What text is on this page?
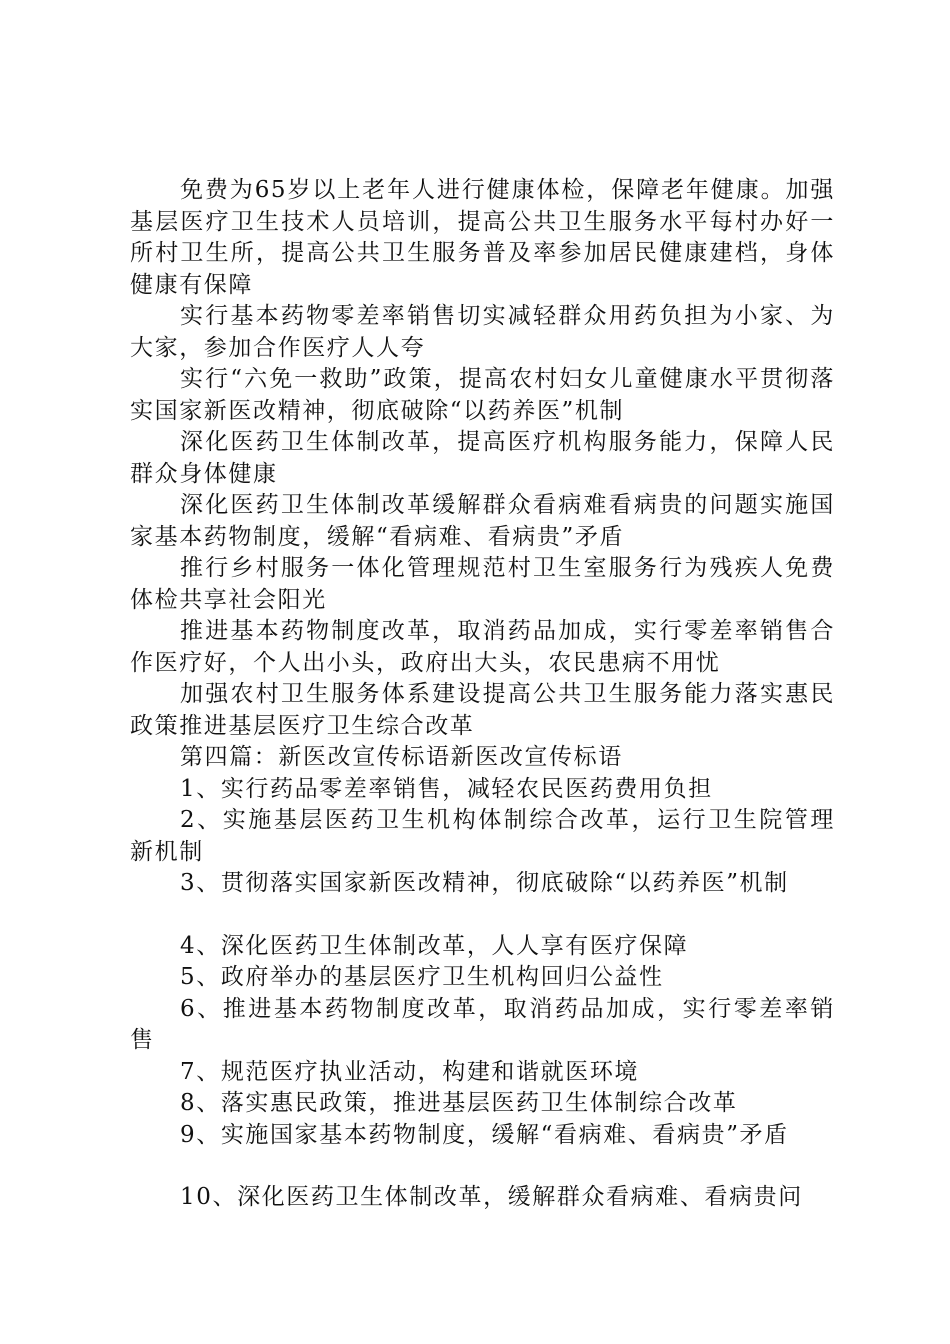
免费为65岁以上老年人进行健康体检，保障老年健康。加强基层医疗卫生技术人员培训，提高公共卫生服务水平每村办好一所村卫生所，提高公共卫生服务普及率参加居民健康建档，身体健康有保障

实行基本药物零差率销售切实减轻群众用药负担为小家、为大家，参加合作医疗人人夸

实行“六免一救助”政策，提高农村妇女儿童健康水平贯彻落实国家新医改精神，彻底破除“以药养医”机制

深化医药卫生体制改革，提高医疗机构服务能力，保障人民群众身体健康

深化医药卫生体制改革缓解群众看病难看病贵的问题实施国家基本药物制度，缓解“看病难、看病贵”矛盾

推行乡村服务一体化管理规范村卫生室服务行为残疾人免费体检共享社会阳光

推进基本药物制度改革，取消药品加成，实行零差率销售合作医疗好，个人出小头，政府出大头，农民患病不用忧

加强农村卫生服务体系建设提高公共卫生服务能力落实惠民政策推进基层医疗卫生综合改革

第四篇：新医改宣传标语新医改宣传标语

1、实行药品零差率销售，减轻农民医药费用负担

2、实施基层医药卫生机构体制综合改革，运行卫生院管理新机制

3、贯彻落实国家新医改精神，彻底破除“以药养医”机制

4、深化医药卫生体制改革，人人享有医疗保障

5、政府举办的基层医疗卫生机构回归公益性

6、推进基本药物制度改革，取消药品加成，实行零差率销售

7、规范医疗执业活动，构建和谐就医环境

8、落实惠民政策，推进基层医药卫生体制综合改革

9、实施国家基本药物制度，缓解“看病难、看病贵”矛盾

10、深化医药卫生体制改革，缓解群众看病难、看病贵问
